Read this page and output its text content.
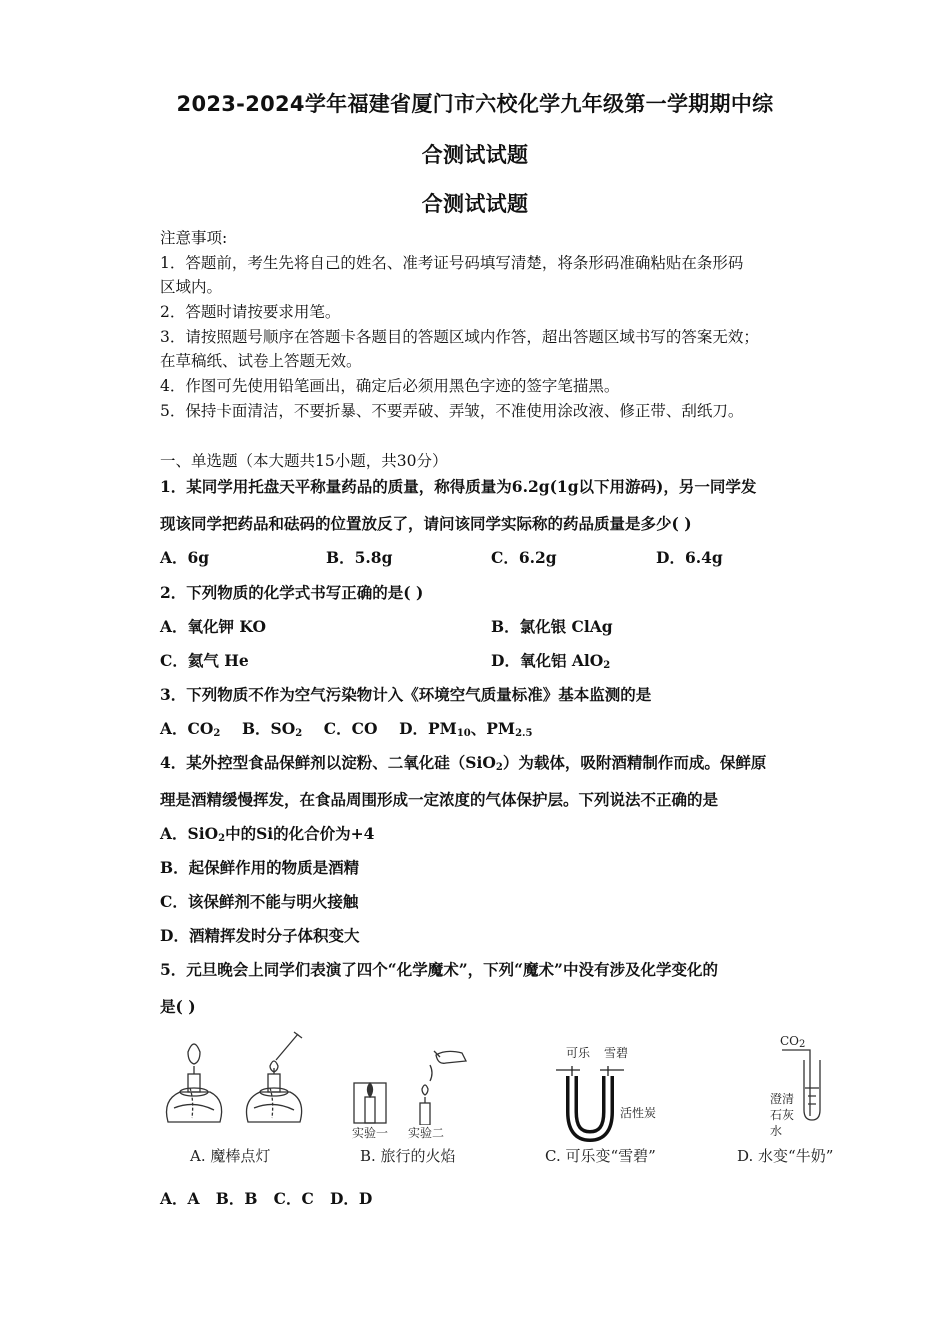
2023-2024学年福建省厦门市六校化学九年级第一学期期中综
合测试试题
合测试试题
注意事项:
1．答题前，考生先将自己的姓名、准考证号码填写清楚，将条形码准确粘贴在条形码
区域内。
2．答题时请按要求用笔。
3．请按照题号顺序在答题卡各题目的答题区域内作答，超出答题区域书写的答案无效；
在草稿纸、试卷上答题无效。
4．作图可先使用铅笔画出，确定后必须用黑色字迹的签字笔描黑。
5．保持卡面清洁，不要折暴、不要弄破、弄皱，不准使用涂改液、修正带、刮纸刀。
一、单选题（本大题共15小题，共30分）
1．某同学用托盘天平称量药品的质量，称得质量为6.2g(1g以下用游码)，另一同学发
现该同学把药品和砝码的位置放反了，请问该同学实际称的药品质量是多少( )
A．6g	B．5.8g	C．6.2g	D．6.4g
2．下列物质的化学式书写正确的是( )
A．氧化钾 KO	B．氯化银 ClAg
C．氦气 He	D．氧化铝 AlO$_2$
3．下列物质不作为空气污染物计入《环境空气质量标准》基本监测的是
A．$CO_2$ B．$SO_2$ C．CO D．$PM_{10}$、$PM_{2.5}$
4．某外控型食品保鲜剂以淀粉、二氧化硅（SiO$_2$）为载体，吸附酒精制作而成。保鲜原
理是酒精缓慢挥发，在食品周围形成一定浓度的气体保护层。下列说法不正确的是
A．SiO$_2$中的Si的化合价为+4
B．起保鲜作用的物质是酒精
C．该保鲜剂不能与明火接触
D．酒精挥发时分子体积变大
5．元旦晚会上同学们表演了四个“化学魔术”，下列“魔术”中没有涉及化学变化的
是( )
A. 魔棒点灯
实验一 实验二
B. 旅行的火焰
可乐 雪碧
活性炭
C. 可乐变“雪碧”
$CO_2$
澄清
石灰
水
D. 水变“牛奶”
A．A   B．B   C．C   D．D
